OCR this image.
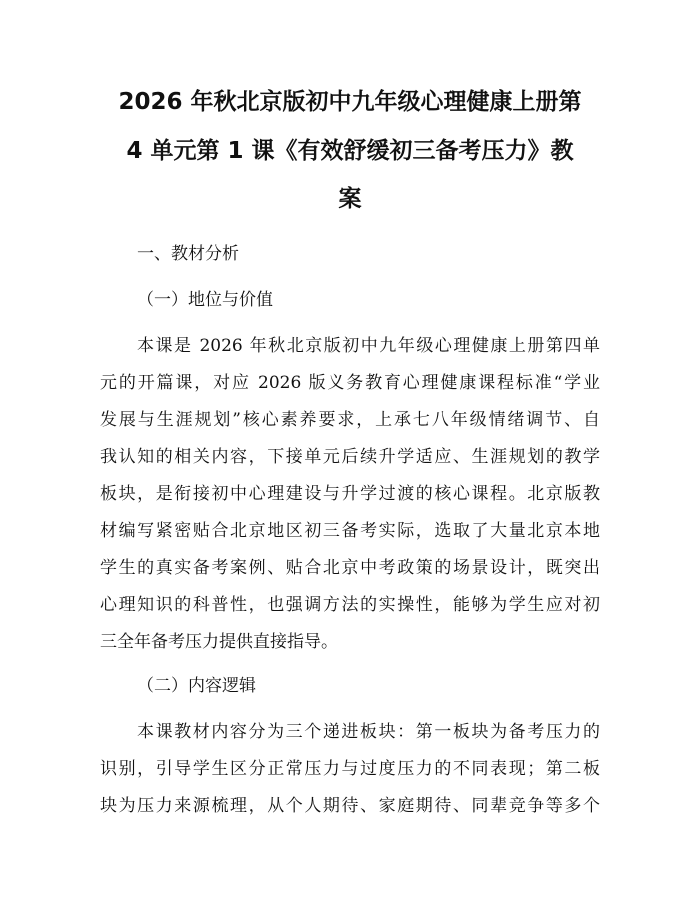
2026 年秋北京版初中九年级心理健康上册第
4 单元第 1 课《有效舒缓初三备考压力》教
案

一、教材分析

（一）地位与价值

本课是 2026 年秋北京版初中九年级心理健康上册第四单

元的开篇课，对应 2026 版义务教育心理健康课程标准“学业

发展与生涯规划”核心素养要求，上承七八年级情绪调节、自

我认知的相关内容，下接单元后续升学适应、生涯规划的教学

板块，是衔接初中心理建设与升学过渡的核心课程。北京版教

材编写紧密贴合北京地区初三备考实际，选取了大量北京本地

学生的真实备考案例、贴合北京中考政策的场景设计，既突出

心理知识的科普性，也强调方法的实操性，能够为学生应对初

三全年备考压力提供直接指导。

（二）内容逻辑

本课教材内容分为三个递进板块：第一板块为备考压力的

识别，引导学生区分正常压力与过度压力的不同表现；第二板

块为压力来源梳理，从个人期待、家庭期待、同辈竞争等多个
